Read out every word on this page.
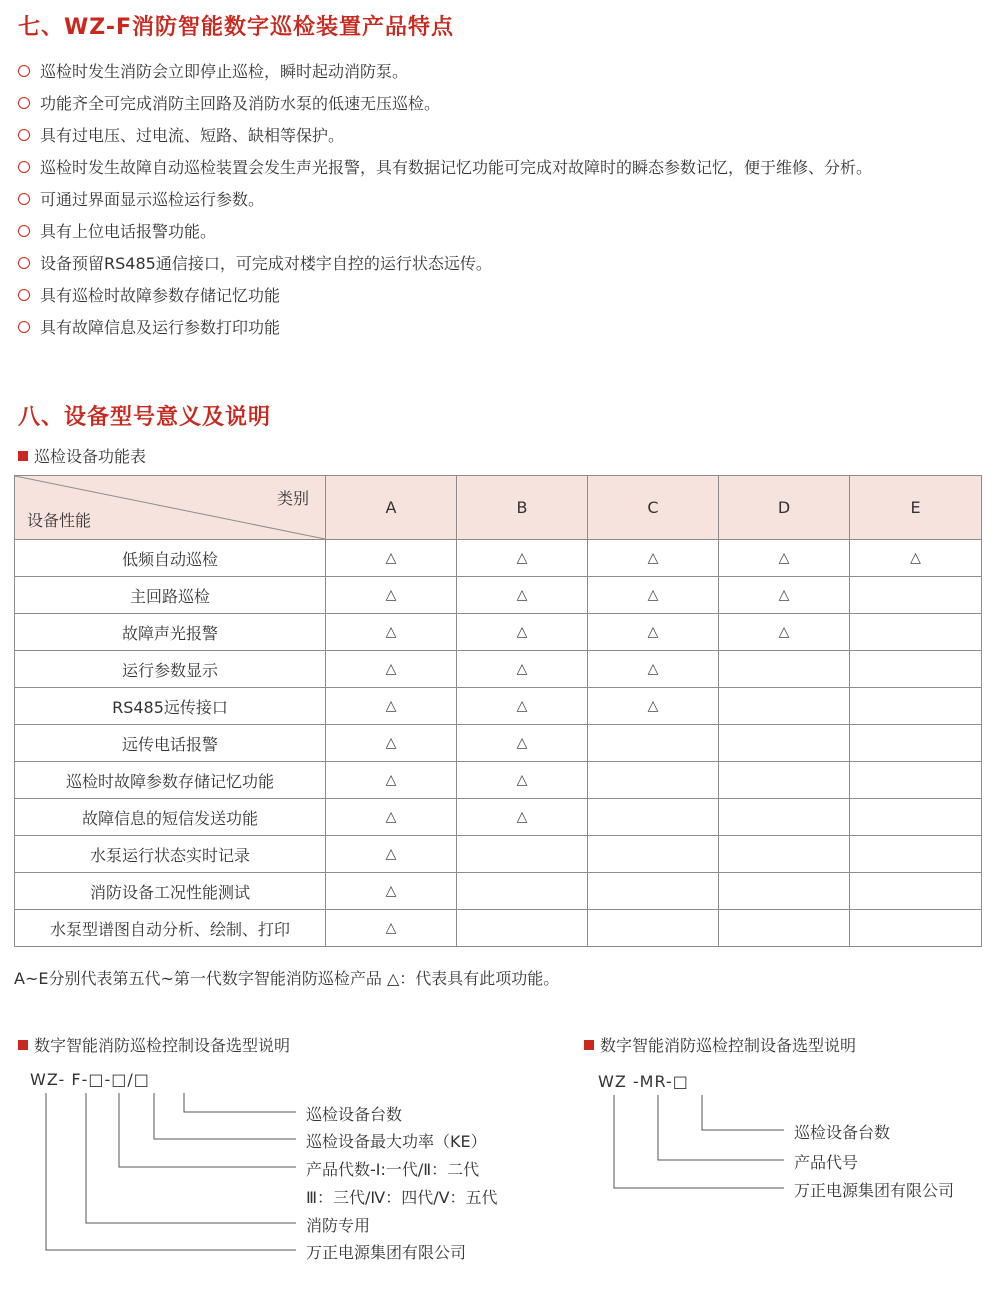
七、WZ-F消防智能数字巡检装置产品特点
巡检时发生消防会立即停止巡检，瞬时起动消防泵。
功能齐全可完成消防主回路及消防水泵的低速无压巡检。
具有过电压、过电流、短路、缺相等保护。
巡检时发生故障自动巡检装置会发生声光报警，具有数据记忆功能可完成对故障时的瞬态参数记忆，便于维修、分析。
可通过界面显示巡检运行参数。
具有上位电话报警功能。
设备预留RS485通信接口，可完成对楼宇自控的运行状态远传。
具有巡检时故障参数存储记忆功能
具有故障信息及运行参数打印功能
八、设备型号意义及说明
巡检设备功能表
类别
设备性能	A	B	C	D	E
低频自动巡检	△	△	△	△	△
主回路巡检	△	△	△	△	
故障声光报警	△	△	△	△	
运行参数显示	△	△	△		
RS485远传接口	△	△	△		
远传电话报警	△	△			
巡检时故障参数存储记忆功能	△	△			
故障信息的短信发送功能	△	△			
水泵运行状态实时记录	△				
消防设备工况性能测试	△				
水泵型谱图自动分析、绘制、打印	△				
A~E分别代表第五代~第一代数字智能消防巡检产品 △：代表具有此项功能。
数字智能消防巡检控制设备选型说明
WZ- F-□-□/□
巡检设备台数
巡检设备最大功率（KE）
产品代数-Ⅰ:一代/Ⅱ：二代
Ⅲ：三代/Ⅳ：四代/Ⅴ：五代
消防专用
万正电源集团有限公司
数字智能消防巡检控制设备选型说明
WZ -MR-□
巡检设备台数
产品代号
万正电源集团有限公司
